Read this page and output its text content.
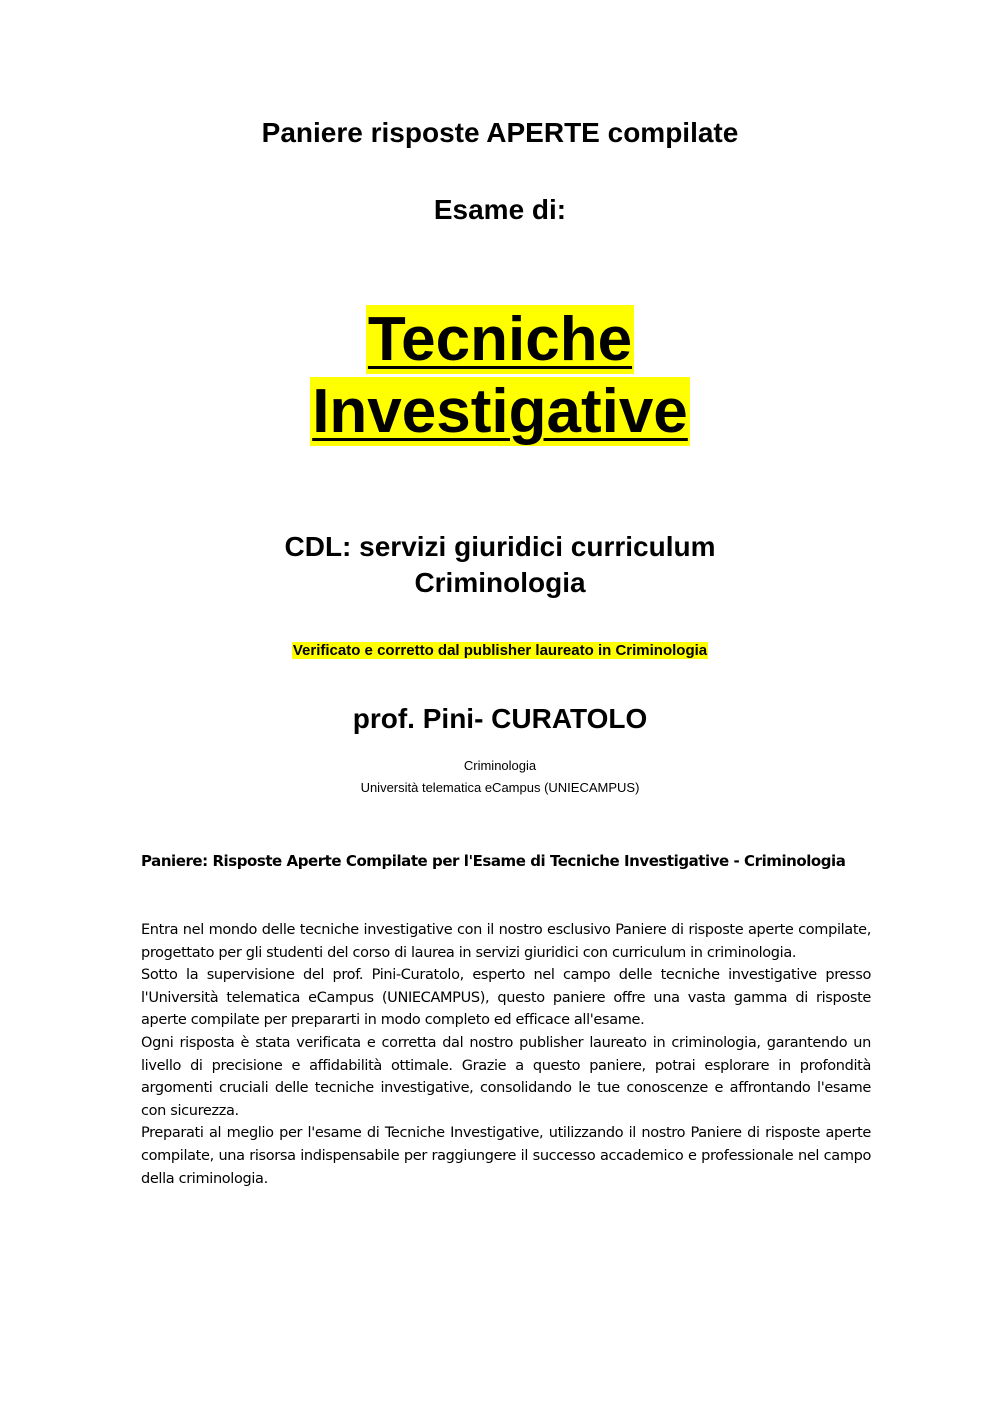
Paniere risposte APERTE compilate
Esame di:
Tecniche
Investigative
CDL: servizi giuridici curriculum
Criminologia
Verificato e corretto dal publisher laureato in Criminologia
prof. Pini- CURATOLO
Criminologia
Università telematica eCampus (UNIECAMPUS)
Paniere: Risposte Aperte Compilate per l'Esame di Tecniche Investigative - Criminologia

Entra nel mondo delle tecniche investigative con il nostro esclusivo Paniere di risposte aperte compilate, progettato per gli studenti del corso di laurea in servizi giuridici con curriculum in criminologia.

Sotto la supervisione del prof. Pini-Curatolo, esperto nel campo delle tecniche investigative presso l'Università telematica eCampus (UNIECAMPUS), questo paniere offre una vasta gamma di risposte aperte compilate per prepararti in modo completo ed efficace all'esame.

Ogni risposta è stata verificata e corretta dal nostro publisher laureato in criminologia, garantendo un livello di precisione e affidabilità ottimale. Grazie a questo paniere, potrai esplorare in profondità argomenti cruciali delle tecniche investigative, consolidando le tue conoscenze e affrontando l'esame con sicurezza.

Preparati al meglio per l'esame di Tecniche Investigative, utilizzando il nostro Paniere di risposte aperte compilate, una risorsa indispensabile per raggiungere il successo accademico e professionale nel campo della criminologia.
